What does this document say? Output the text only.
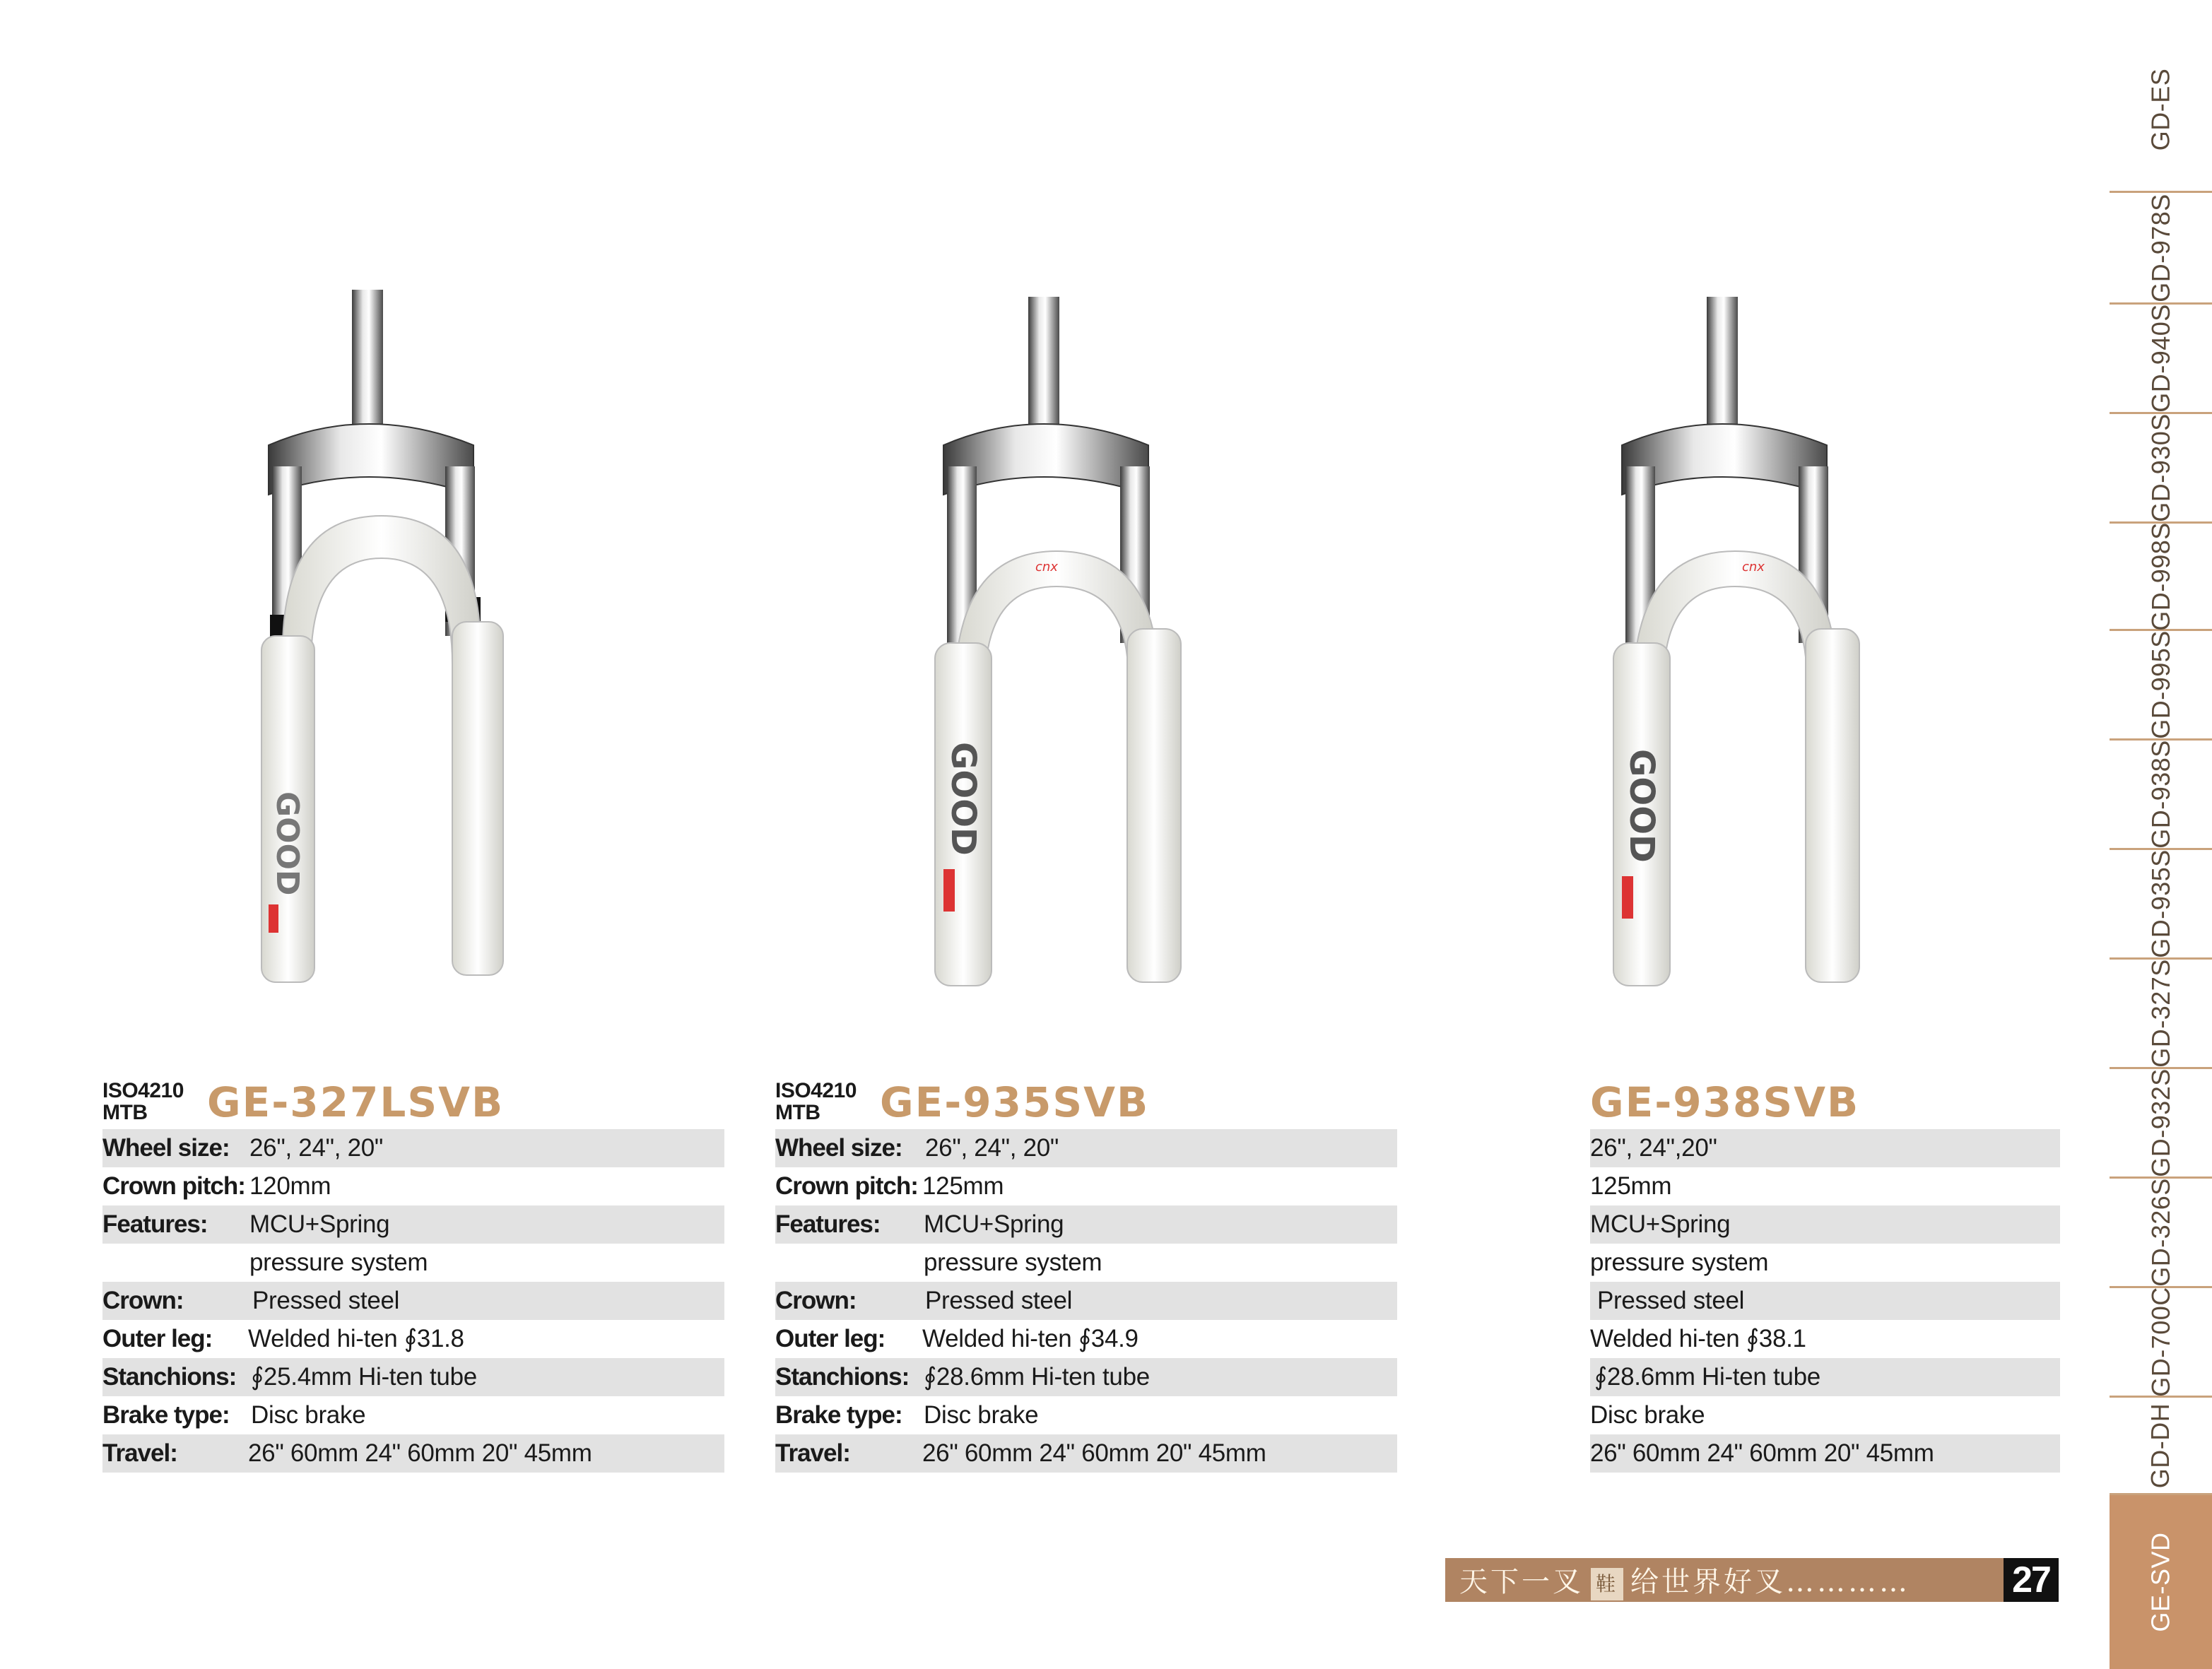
GOOD
cnx
GOOD
cnx
GOOD
ISO4210
MTB	GE-327LSVB
Wheel size: 26", 24", 20"
Crown pitch: 120mm
Features:	MCU+Spring
pressure system
Crown:	Pressed steel
Outer leg:	Welded hi-ten ∮31.8
Stanchions: ∮25.4mm Hi-ten tube
Brake type: Disc brake
Travel:	26" 60mm 24" 60mm 20" 45mm
ISO4210
MTB	GE-935SVB
Wheel size: 26", 24", 20"
Crown pitch: 125mm
Features:	MCU+Spring
pressure system
Crown:	Pressed steel
Outer leg:	Welded hi-ten ∮34.9
Stanchions: ∮28.6mm Hi-ten tube
Brake type: Disc brake
Travel:	26" 60mm 24" 60mm 20" 45mm
GE-938SVB
26", 24",20"
125mm
MCU+Spring
pressure system
Pressed steel
Welded hi-ten ∮38.1
∮28.6mm Hi-ten tube
Disc brake
26" 60mm 24" 60mm 20" 45mm
GD-ES
GD-978S
GD-940S
GD-930S
GD-998S
GD-995S
GD-938S
GD-935S
GD-327S
GD-932S
GD-326S
GD-700C
GD-DH
GE-SVD
天下一叉 鞋 给世界好叉…………	27
